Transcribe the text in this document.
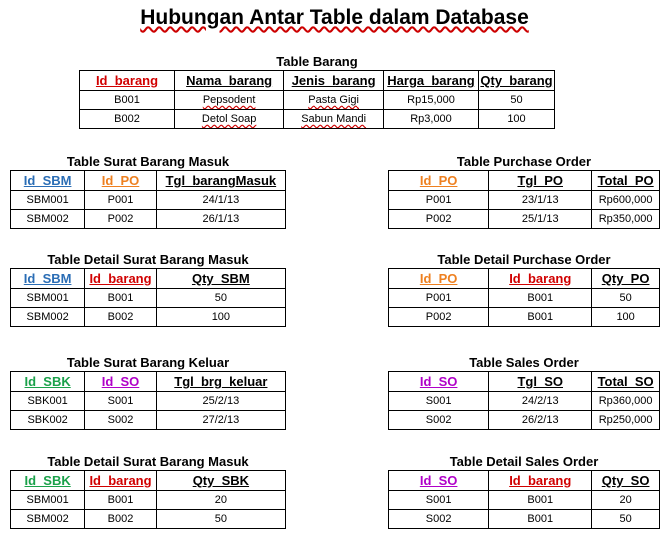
Hubungan Antar Table dalam Database
Table Barang
Id_barang	Nama_barang	Jenis_barang	Harga_barang	Qty_barang
B001	Pepsodent	Pasta Gigi	Rp15,000	50
B002	Detol Soap	Sabun Mandi	Rp3,000	100
Table Surat Barang Masuk
Id_SBM	Id_PO	Tgl_barangMasuk
SBM001	P001	24/1/13
SBM002	P002	26/1/13
Table Purchase Order
Id_PO	Tgl_PO	Total_PO
P001	23/1/13	Rp600,000
P002	25/1/13	Rp350,000
Table Detail Surat Barang Masuk
Id_SBM	Id_barang	Qty_SBM
SBM001	B001	50
SBM002	B002	100
Table Detail Purchase Order
Id_PO	Id_barang	Qty_PO
P001	B001	50
P002	B001	100
Table Surat Barang Keluar
Id_SBK	Id_SO	Tgl_brg_keluar
SBK001	S001	25/2/13
SBK002	S002	27/2/13
Table Sales Order
Id_SO	Tgl_SO	Total_SO
S001	24/2/13	Rp360,000
S002	26/2/13	Rp250,000
Table Detail Surat Barang Masuk
Id_SBK	Id_barang	Qty_SBK
SBM001	B001	20
SBM002	B002	50
Table Detail Sales Order
Id_SO	Id_barang	Qty_SO
S001	B001	20
S002	B001	50
